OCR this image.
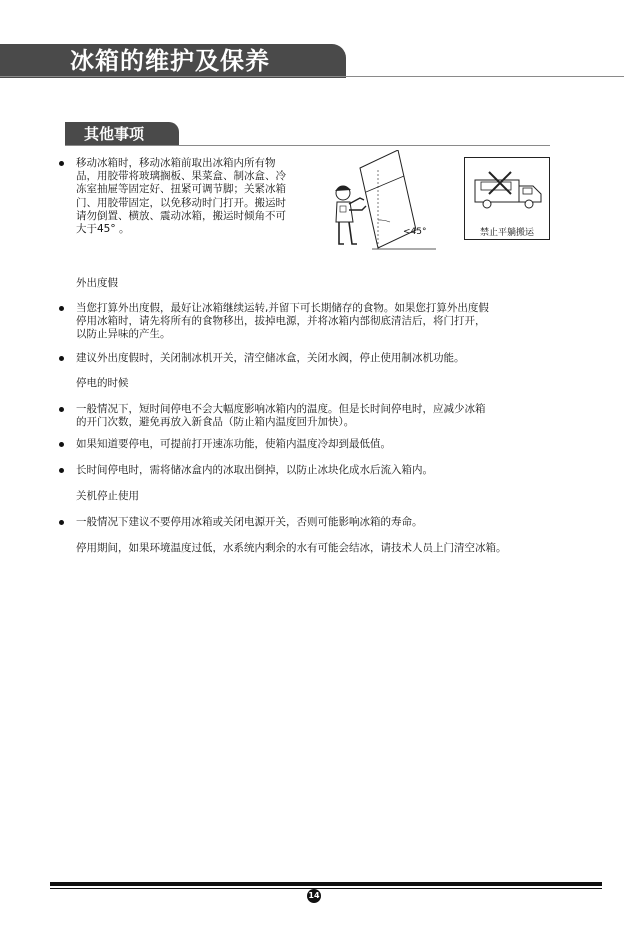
冰箱的维护及保养
其他事项
移动冰箱时，移动冰箱前取出冰箱内所有物
品，用胶带将玻璃搁板、果菜盒、制冰盒、冷
冻室抽屉等固定好、扭紧可调节脚；关紧冰箱
门、用胶带固定，以免移动时门打开。搬运时
请勿倒置、横放、震动冰箱，搬运时倾角不可
大于45° 。	<45°	禁止平躺搬运
外出度假
当您打算外出度假，最好让冰箱继续运转,并留下可长期储存的食物。如果您打算外出度假
停用冰箱时，请先将所有的食物移出，拔掉电源，并将冰箱内部彻底清洁后，将门打开，
以防止异味的产生。
建议外出度假时，关闭制冰机开关，清空储冰盒，关闭水阀，停止使用制冰机功能。
停电的时候
一般情况下，短时间停电不会大幅度影响冰箱内的温度。但是长时间停电时，应减少冰箱
的开门次数，避免再放入新食品（防止箱内温度回升加快）。
如果知道要停电，可提前打开速冻功能，使箱内温度冷却到最低值。
长时间停电时，需将储冰盒内的冰取出倒掉，以防止冰块化成水后流入箱内。
关机停止使用
一般情况下建议不要停用冰箱或关闭电源开关，否则可能影响冰箱的寿命。
停用期间，如果环境温度过低，水系统内剩余的水有可能会结冰，请技术人员上门清空冰箱。
14
